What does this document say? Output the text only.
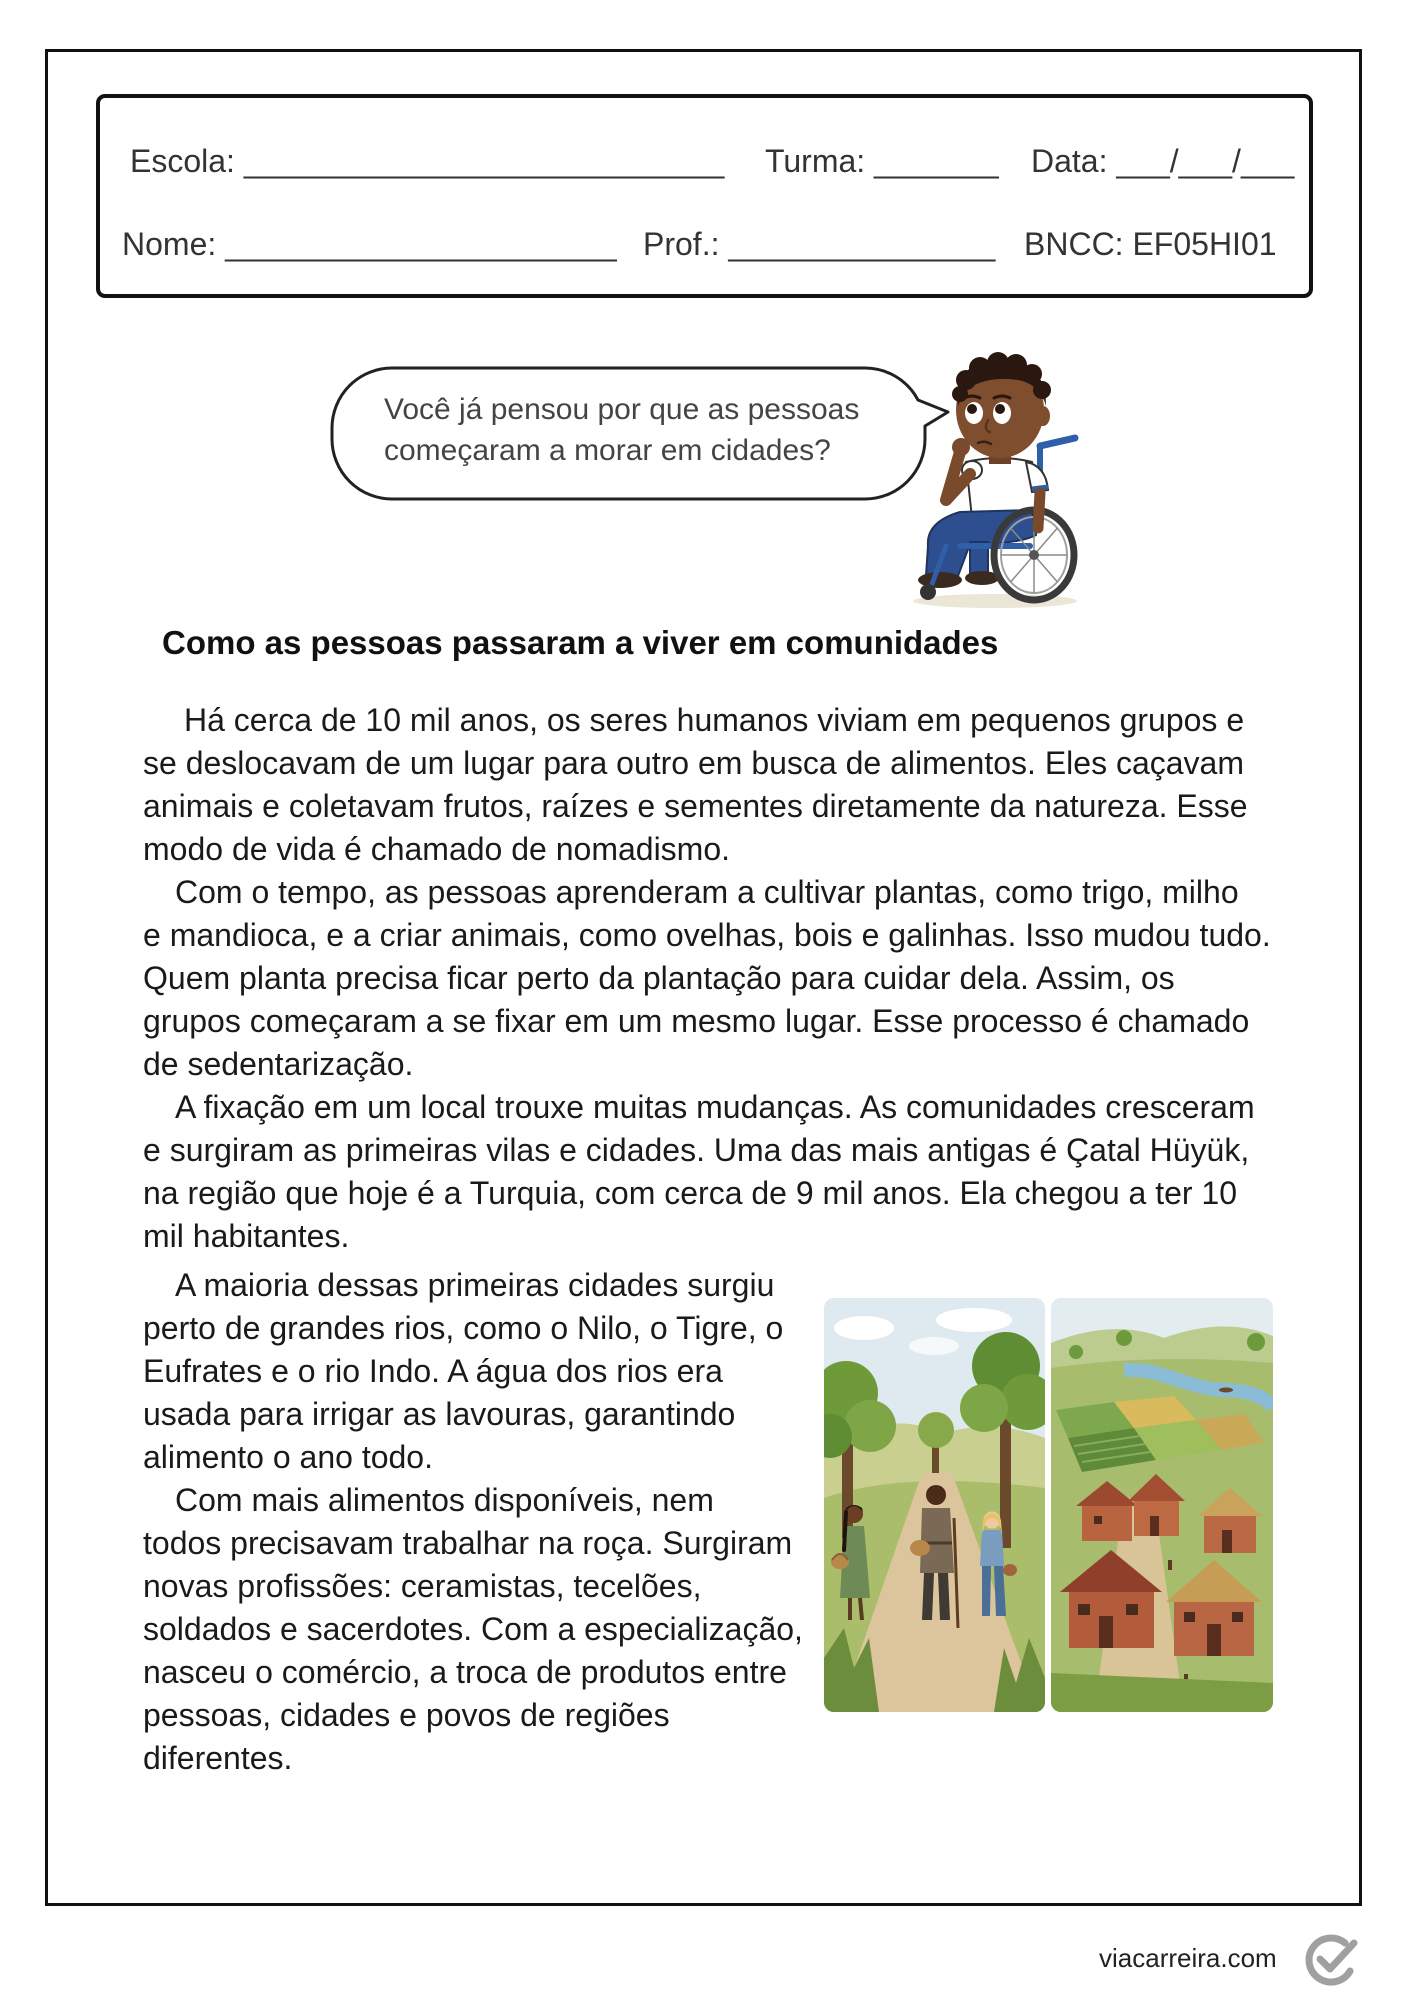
Escola: ___________________________ Turma: _______ Data: ___/___/___
Nome: ______________________ Prof.: _______________ BNCC: EF05HI01
Você já pensou por que as pessoas
começaram a morar em cidades?
Como as pessoas passaram a viver em comunidades
Há cerca de 10 mil anos, os seres humanos viviam em pequenos grupos e
se deslocavam de um lugar para outro em busca de alimentos. Eles caçavam
animais e coletavam frutos, raízes e sementes diretamente da natureza. Esse
modo de vida é chamado de nomadismo.
Com o tempo, as pessoas aprenderam a cultivar plantas, como trigo, milho
e mandioca, e a criar animais, como ovelhas, bois e galinhas. Isso mudou tudo.
Quem planta precisa ficar perto da plantação para cuidar dela. Assim, os
grupos começaram a se fixar em um mesmo lugar. Esse processo é chamado
de sedentarização.
A fixação em um local trouxe muitas mudanças. As comunidades cresceram
e surgiram as primeiras vilas e cidades. Uma das mais antigas é Çatal Hüyük,
na região que hoje é a Turquia, com cerca de 9 mil anos. Ela chegou a ter 10
mil habitantes.
A maioria dessas primeiras cidades surgiu
perto de grandes rios, como o Nilo, o Tigre, o
Eufrates e o rio Indo. A água dos rios era
usada para irrigar as lavouras, garantindo
alimento o ano todo.
Com mais alimentos disponíveis, nem
todos precisavam trabalhar na roça. Surgiram
novas profissões: ceramistas, tecelões,
soldados e sacerdotes. Com a especialização,
nasceu o comércio, a troca de produtos entre
pessoas, cidades e povos de regiões
diferentes.
viacarreira.com
